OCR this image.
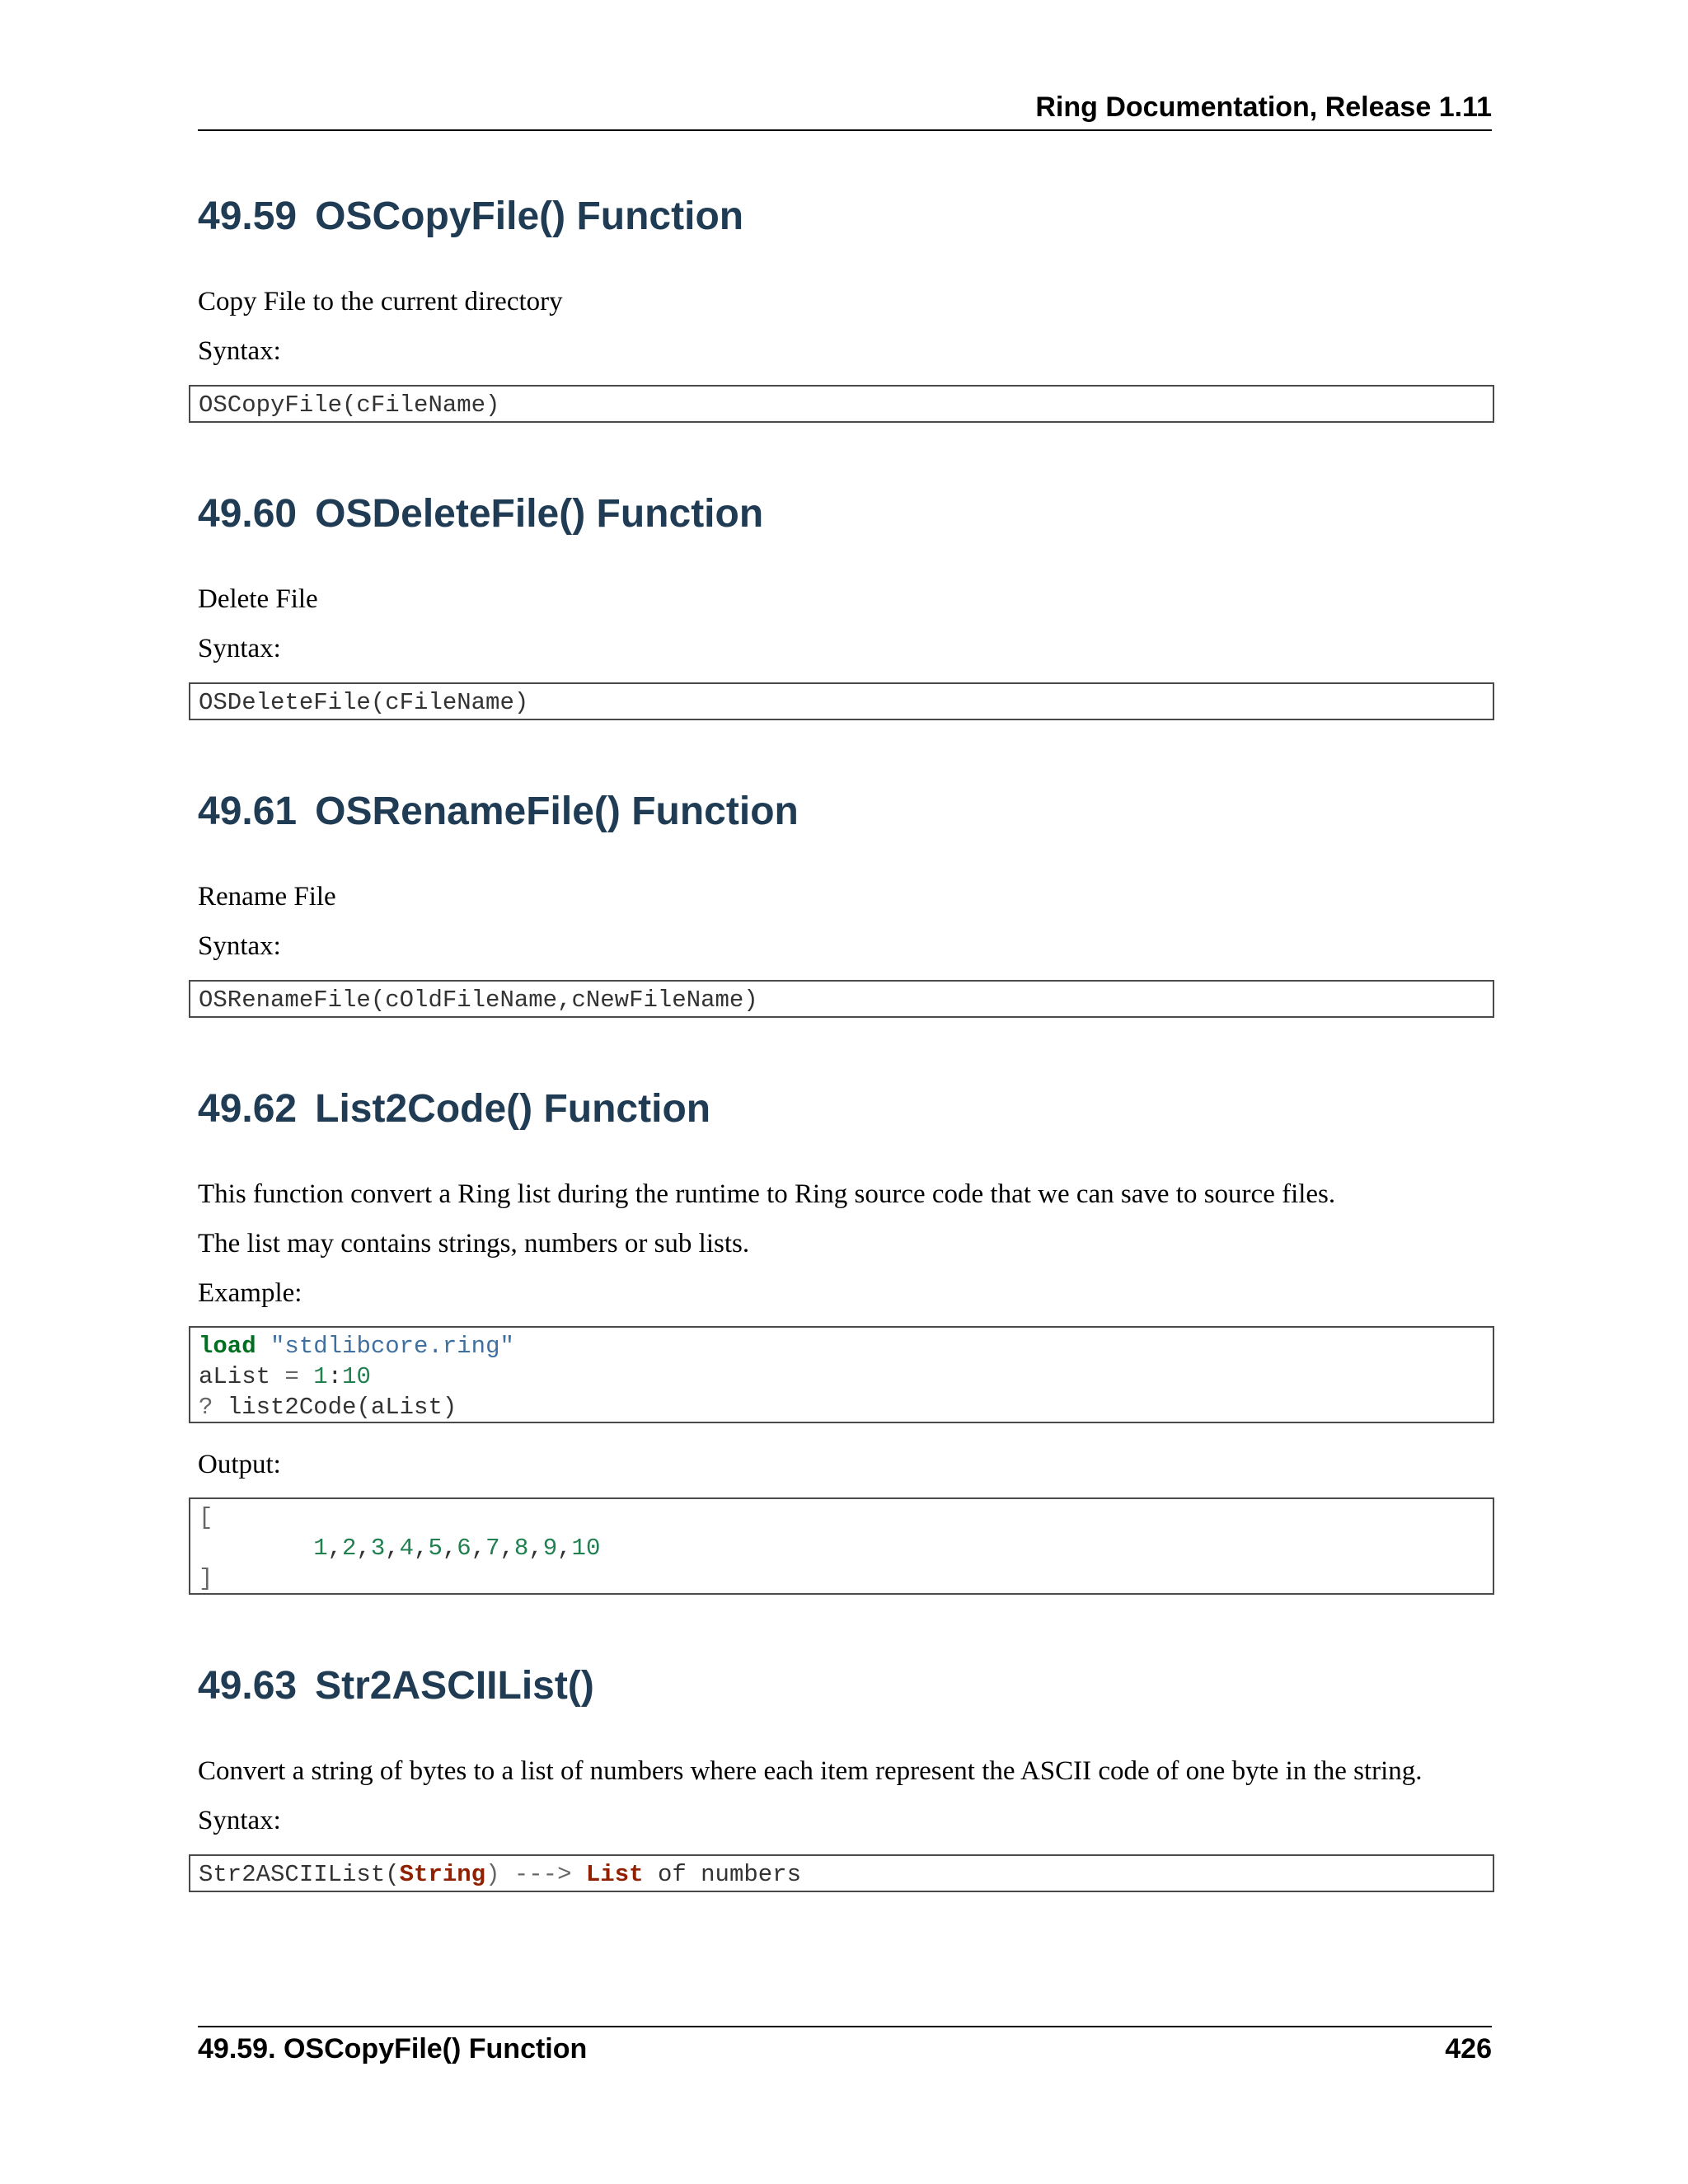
Ring Documentation, Release 1.11
49.59 OSCopyFile() Function

Copy File to the current directory

Syntax:

OSCopyFile(cFileName)
49.60 OSDeleteFile() Function

Delete File

Syntax:

OSDeleteFile(cFileName)
49.61 OSRenameFile() Function

Rename File

Syntax:

OSRenameFile(cOldFileName,cNewFileName)
49.62 List2Code() Function

This function convert a Ring list during the runtime to Ring source code that we can save to source files.

The list may contains strings, numbers or sub lists.

Example:

load "stdlibcore.ring"
aList = 1:10
? list2Code(aList)

Output:

[
1,2,3,4,5,6,7,8,9,10
]
49.63 Str2ASCIIList()

Convert a string of bytes to a list of numbers where each item represent the ASCII code of one byte in the string.

Syntax:

Str2ASCIIList(String) ---> List of numbers
49.59. OSCopyFile() Function	426
